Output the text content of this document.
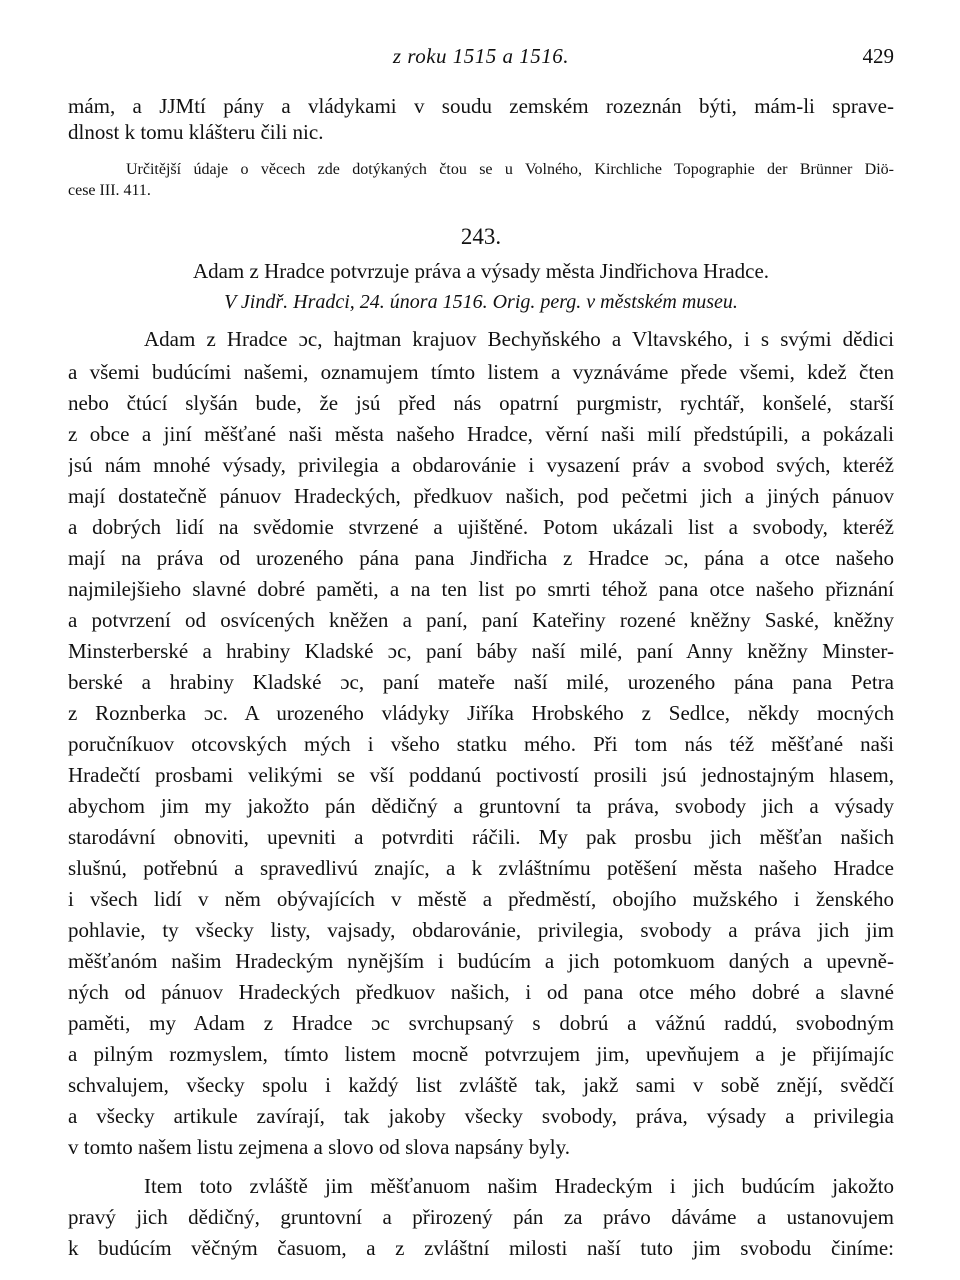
z roku 1515 a 1516.	429
mám, a JJMtí pány a vládykami v soudu zemském rozeznán býti, mám-li sprave-
dlnost k tomu klášteru čili nic.
Určitější údaje o věcech zde dotýkaných čtou se u Volného, Kirchliche Topographie der Brünner Diö-
cese III. 411.
243.
Adam z Hradce potvrzuje práva a výsady města Jindřichova Hradce.
V Jindř. Hradci, 24. února 1516. Orig. perg. v městském museu.
Adam z Hradce ɔc, hajtman krajuov Bechyňského a Vltavského, i s svými dědici
a všemi budúcími našemi, oznamujem tímto listem a vyznáváme přede všemi, kdež čten
nebo čtúcí slyšán bude, že jsú před nás opatrní purgmistr, rychtář, konšelé, starší
z obce a jiní měšťané naši města našeho Hradce, věrní naši milí předstúpili, a pokázali
jsú nám mnohé výsady, privilegia a obdarovánie i vysazení práv a svobod svých, kteréž
mají dostatečně pánuov Hradeckých, předkuov našich, pod pečetmi jich a jiných pánuov
a dobrých lidí na svědomie stvrzené a ujištěné. Potom ukázali list a svobody, kteréž
mají na práva od urozeného pána pana Jindřicha z Hradce ɔc, pána a otce našeho
najmilejšieho slavné dobré paměti, a na ten list po smrti téhož pana otce našeho přiznání
a potvrzení od osvícených kněžen a paní, paní Kateřiny rozené kněžny Saské, kněžny
Minsterberské a hrabiny Kladské ɔc, paní báby naší milé, paní Anny kněžny Minster-
berské a hrabiny Kladské ɔc, paní mateře naší milé, urozeného pána pana Petra
z Roznberka ɔc. A urozeného vládyky Jiříka Hrobského z Sedlce, někdy mocných
poručníkuov otcovských mých i všeho statku mého. Při tom nás též měšťané naši
Hradečtí prosbami velikými se vší poddanú poctivostí prosili jsú jednostajným hlasem,
abychom jim my jakožto pán dědičný a gruntovní ta práva, svobody jich a výsady
starodávní obnoviti, upevniti a potvrditi ráčili. My pak prosbu jich měšťan našich
slušnú, potřebnú a spravedlivú znajíc, a k zvláštnímu potěšení města našeho Hradce
i všech lidí v něm obývajících v městě a předměstí, obojího mužského i ženského
pohlavie, ty všecky listy, vajsady, obdarovánie, privilegia, svobody a práva jich jim
měšťanóm našim Hradeckým nynějším i budúcím a jich potomkuom daných a upevně-
ných od pánuov Hradeckých předkuov našich, i od pana otce mého dobré a slavné
paměti, my Adam z Hradce ɔc svrchupsaný s dobrú a vážnú raddú, svobodným
a pilným rozmyslem, tímto listem mocně potvrzujem jim, upevňujem a je přijímajíc
schvalujem, všecky spolu i každý list zvláště tak, jakž sami v sobě znějí, svědčí
a všecky artikule zavírají, tak jakoby všecky svobody, práva, výsady a privilegia
v tomto našem listu zejmena a slovo od slova napsány byly.
Item toto zvláště jim měšťanuom našim Hradeckým i jich budúcím jakožto
pravý jich dědičný, gruntovní a přirozený pán za právo dáváme a ustanovujem
k budúcím věčným časuom, a z zvláštní milosti naší tuto jim svobodu činíme:
